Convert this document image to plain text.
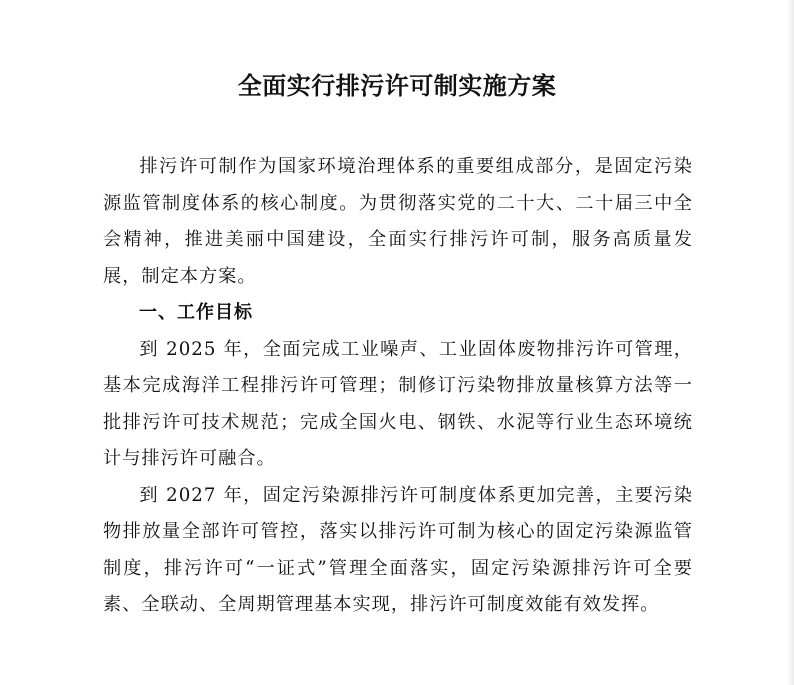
全面实行排污许可制实施方案

排污许可制作为国家环境治理体系的重要组成部分，是固定污染源监管制度体系的核心制度。为贯彻落实党的二十大、二十届三中全会精神，推进美丽中国建设，全面实行排污许可制，服务高质量发展，制定本方案。

一、工作目标

到 2025 年，全面完成工业噪声、工业固体废物排污许可管理，基本完成海洋工程排污许可管理；制修订污染物排放量核算方法等一批排污许可技术规范；完成全国火电、钢铁、水泥等行业生态环境统计与排污许可融合。

到 2027 年，固定污染源排污许可制度体系更加完善，主要污染物排放量全部许可管控，落实以排污许可制为核心的固定污染源监管制度，排污许可“一证式”管理全面落实，固定污染源排污许可全要素、全联动、全周期管理基本实现，排污许可制度效能有效发挥。
